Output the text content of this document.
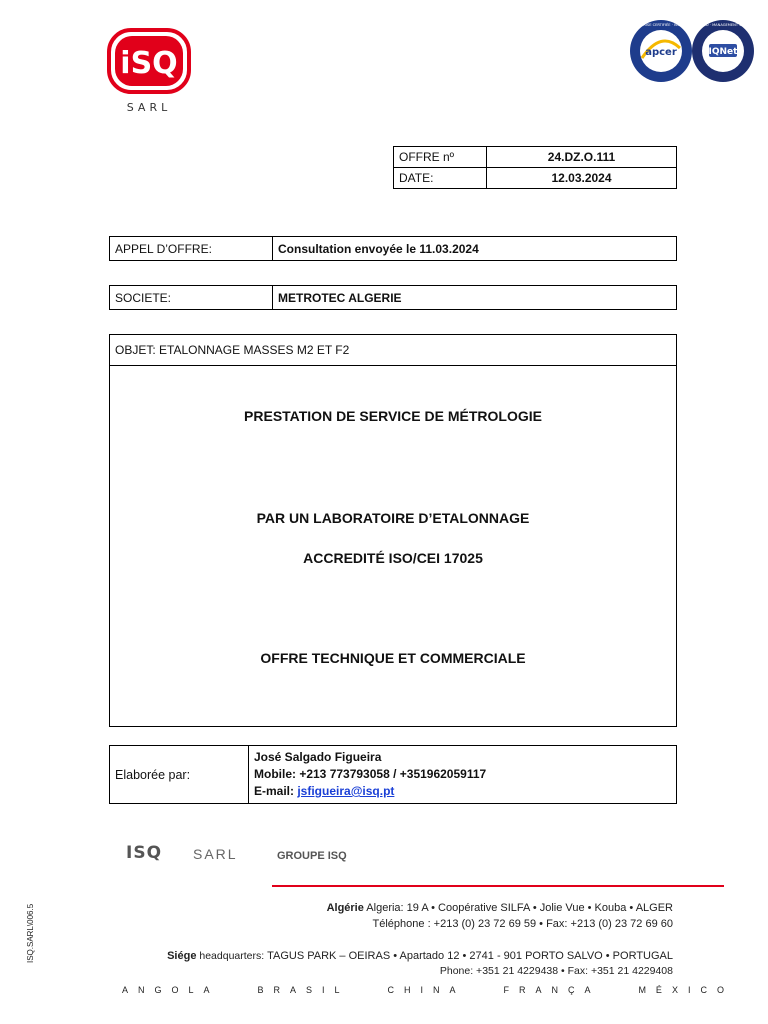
iSQ
SARL
apcer
ENTREPRISE CERTIFIÉE · ISO 9001 ·
IQNet
CERTIFIED · MANAGEMENT SYSTEM ·
OFFRE nº	24.DZ.O.111
DATE:	12.03.2024
APPEL D’OFFRE:	Consultation envoyée le 11.03.2024
SOCIETE:	METROTEC ALGERIE
OBJET: ETALONNAGE MASSES M2 ET F2
PRESTATION DE SERVICE DE MÉTROLOGIE
PAR UN LABORATOIRE D’ETALONNAGE
ACCREDITÉ ISO/CEI 17025
OFFRE TECHNIQUE ET COMMERCIALE
Elaborée par:	
José Salgado Figueira
Mobile: +213 773793058 / +351962059117
E-mail: jsfigueira@isq.pt
ISQ SARL	GROUPE ISQ
Algérie Algeria: 19 A • Coopérative SILFA • Jolie Vue • Kouba • ALGER
Téléphone : +213 (0) 23 72 69 59 • Fax: +213 (0) 23 72 69 60
Siége headquarters: TAGUS PARK – OEIRAS • Apartado 12 • 2741 - 901 PORTO SALVO • PORTUGAL
Phone: +351 21 4229438 • Fax: +351 21 4229408
ANGOLA	BRASIL	CHINA	FRANÇA	MÉXICO
ISQ.SARL\006.5
